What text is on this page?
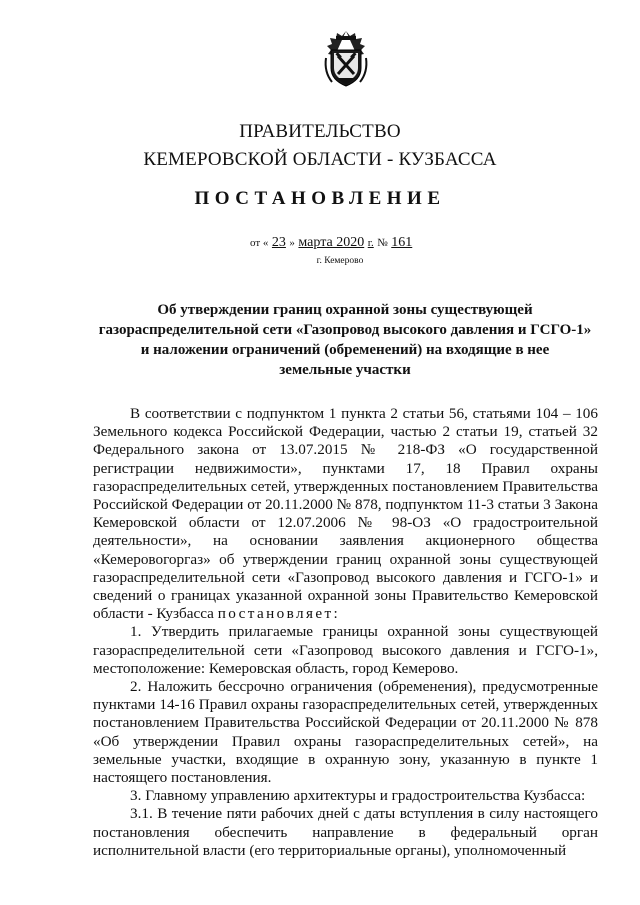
ПРАВИТЕЛЬСТВО
КЕМЕРОВСКОЙ ОБЛАСТИ - КУЗБАССА
ПОСТАНОВЛЕНИЕ
от « 23 » марта 2020 г. № 161
г. Кемерово
Об утверждении границ охранной зоны существующей
газораспределительной сети «Газопровод высокого давления и ГСГО-1»
и наложении ограничений (обременений) на входящие в нее
земельные участки

В соответствии с подпунктом 1 пункта 2 статьи 56, статьями 104 – 106 Земельного кодекса Российской Федерации, частью 2 статьи 19, статьей 32 Федерального закона от 13.07.2015 № 218-ФЗ «О государственной регистрации недвижимости», пунктами 17, 18 Правил охраны газораспределительных сетей, утвержденных постановлением Правительства Российской Федерации от 20.11.2000 № 878, подпунктом 11-3 статьи 3 Закона Кемеровской области от 12.07.2006 № 98-ОЗ «О градостроительной деятельности», на основании заявления акционерного общества «Кемеровогоргаз» об утверждении границ охранной зоны существующей газораспределительной сети «Газопровод высокого давления и ГСГО-1» и сведений о границах указанной охранной зоны Правительство Кемеровской области - Кузбасса постановляет:

1. Утвердить прилагаемые границы охранной зоны существующей газораспределительной сети «Газопровод высокого давления и ГСГО-1», местоположение: Кемеровская область, город Кемерово.

2. Наложить бессрочно ограничения (обременения), предусмотренные пунктами 14-16 Правил охраны газораспределительных сетей, утвержденных постановлением Правительства Российской Федерации от 20.11.2000 № 878 «Об утверждении Правил охраны газораспределительных сетей», на земельные участки, входящие в охранную зону, указанную в пункте 1 настоящего постановления.

3. Главному управлению архитектуры и градостроительства Кузбасса:

3.1. В течение пяти рабочих дней с даты вступления в силу настоящего постановления обеспечить направление в федеральный орган исполнительной власти (его территориальные органы), уполномоченный
